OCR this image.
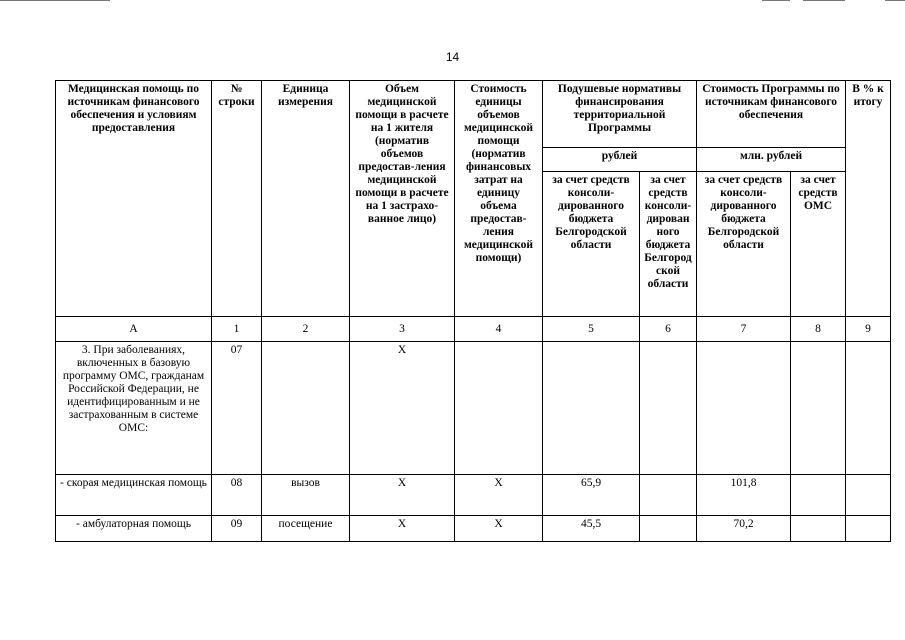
14
Медицинская помощь по источникам финансового обеспечения и условиям предоставления	№ строки	Единица измерения	Объем медицинской помощи в расчете на 1 жителя (норматив объемов предостав-ления медицинской помощи в расчете на 1 застрахо-ванное лицо)	Стоимость единицы объемов медицинской помощи (норматив финансовых затрат на единицу объема предостав-ления медицинской помощи)	Подушевые нормативы финансирования территориальной Программы		Стоимость Программы по источникам финансового обеспечения		В % к итогу
					рублей		млн. рублей		
					за счет средств консоли-дированного бюджета Белгородской области	за счет средств консоли-дирован ного бюджета Белгород ской области	за счет средств консоли-дированного бюджета Белгородской области	за счет средств ОМС	
А	1	2	3	4	5	6	7	8	9
3. При заболеваниях, включенных в базовую программу ОМС, гражданам Российской Федерации, не идентифицированным и не застрахованным в системе ОМС:	07		Х						
- скорая медицинская помощь	08	вызов	Х	Х	65,9		101,8		
- амбулаторная помощь	09	посещение	Х	Х	45,5		70,2		
